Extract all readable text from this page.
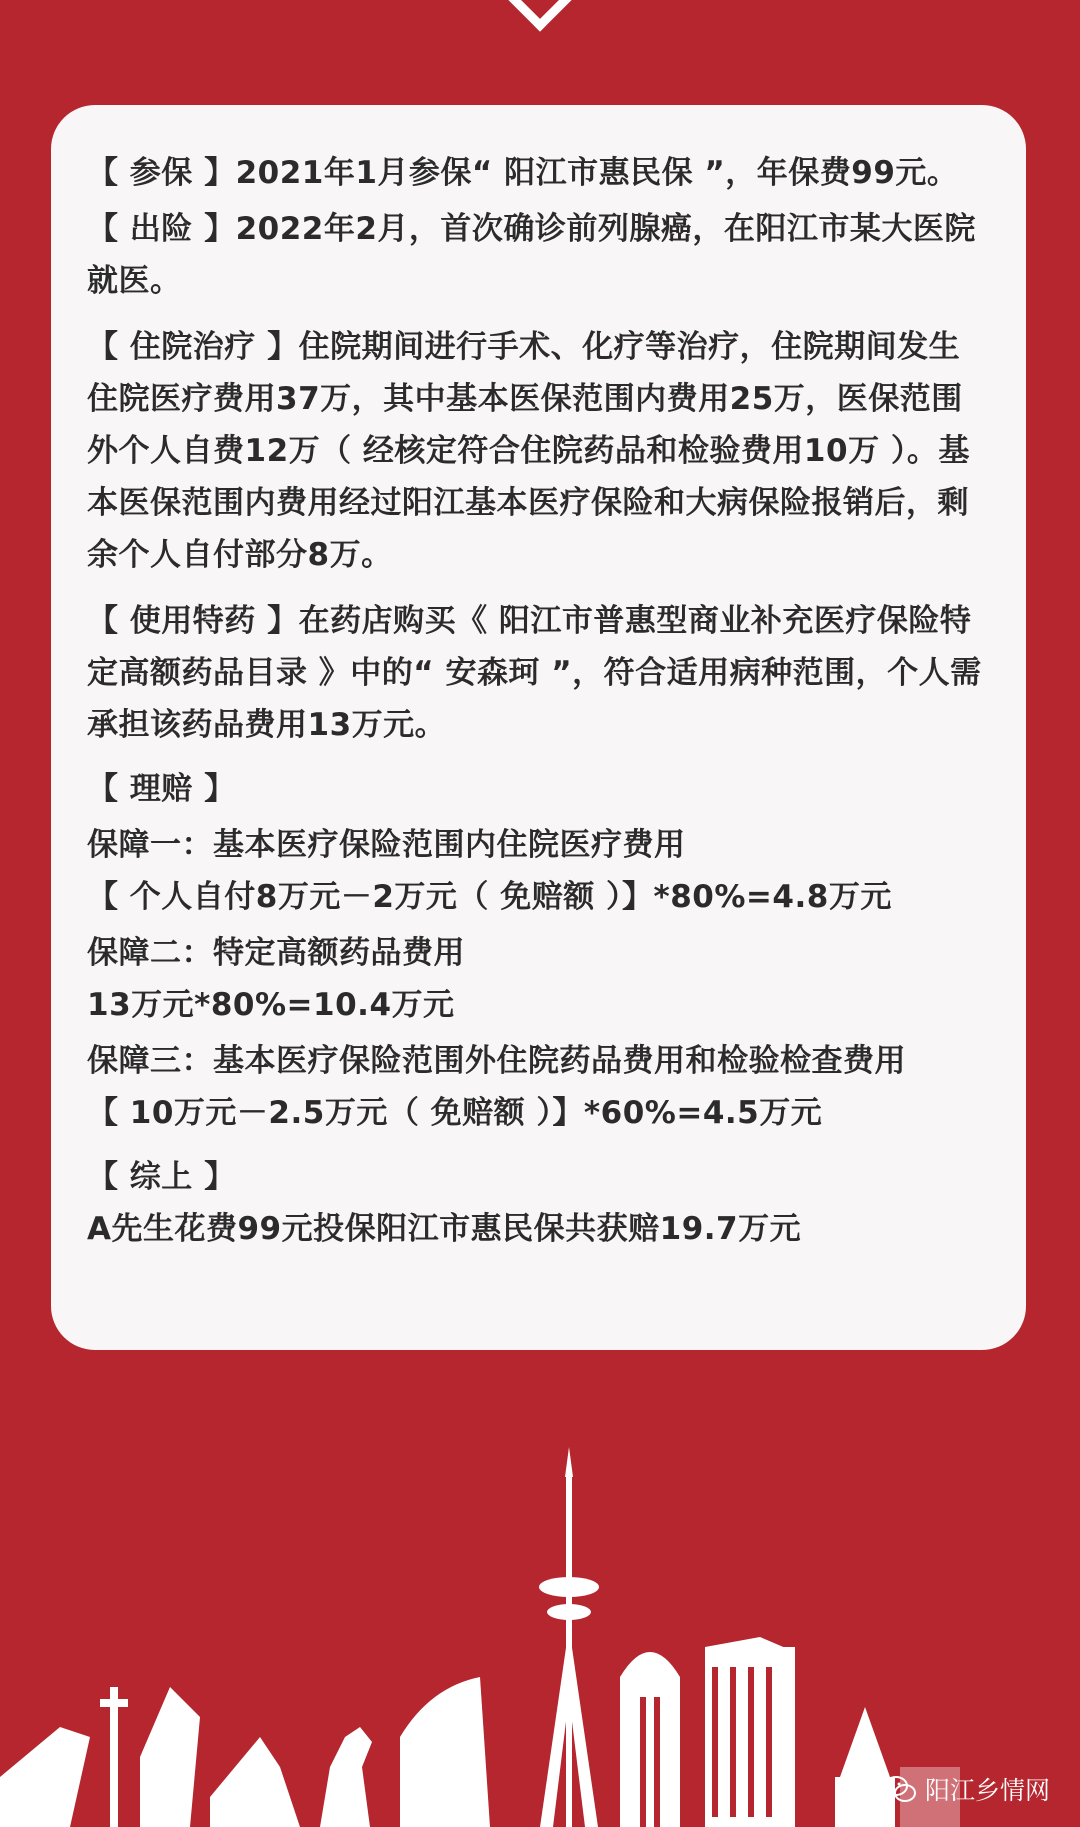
【 参保 】2021年1月参保“ 阳江市惠民保 ”，年保费99元。

【 出险 】2022年2月，首次确诊前列腺癌，在阳江市某大医院就医。

【 住院治疗 】住院期间进行手术、化疗等治疗，住院期间发生住院医疗费用37万，其中基本医保范围内费用25万，医保范围外个人自费12万（ 经核定符合住院药品和检验费用10万 ）。基本医保范围内费用经过阳江基本医疗保险和大病保险报销后，剩余个人自付部分8万。

【 使用特药 】在药店购买《 阳江市普惠型商业补充医疗保险特定高额药品目录 》中的“ 安森珂 ”，符合适用病种范围，个人需承担该药品费用13万元。

【 理赔 】

保障一：基本医疗保险范围内住院医疗费用

【 个人自付8万元－2万元（ 免赔额 ）】*80%=4.8万元

保障二：特定高额药品费用

13万元*80%=10.4万元

保障三：基本医疗保险范围外住院药品费用和检验检查费用

【 10万元－2.5万元（ 免赔额 ）】*60%=4.5万元

【 综上 】

A先生花费99元投保阳江市惠民保共获赔19.7万元

阳江乡情网
